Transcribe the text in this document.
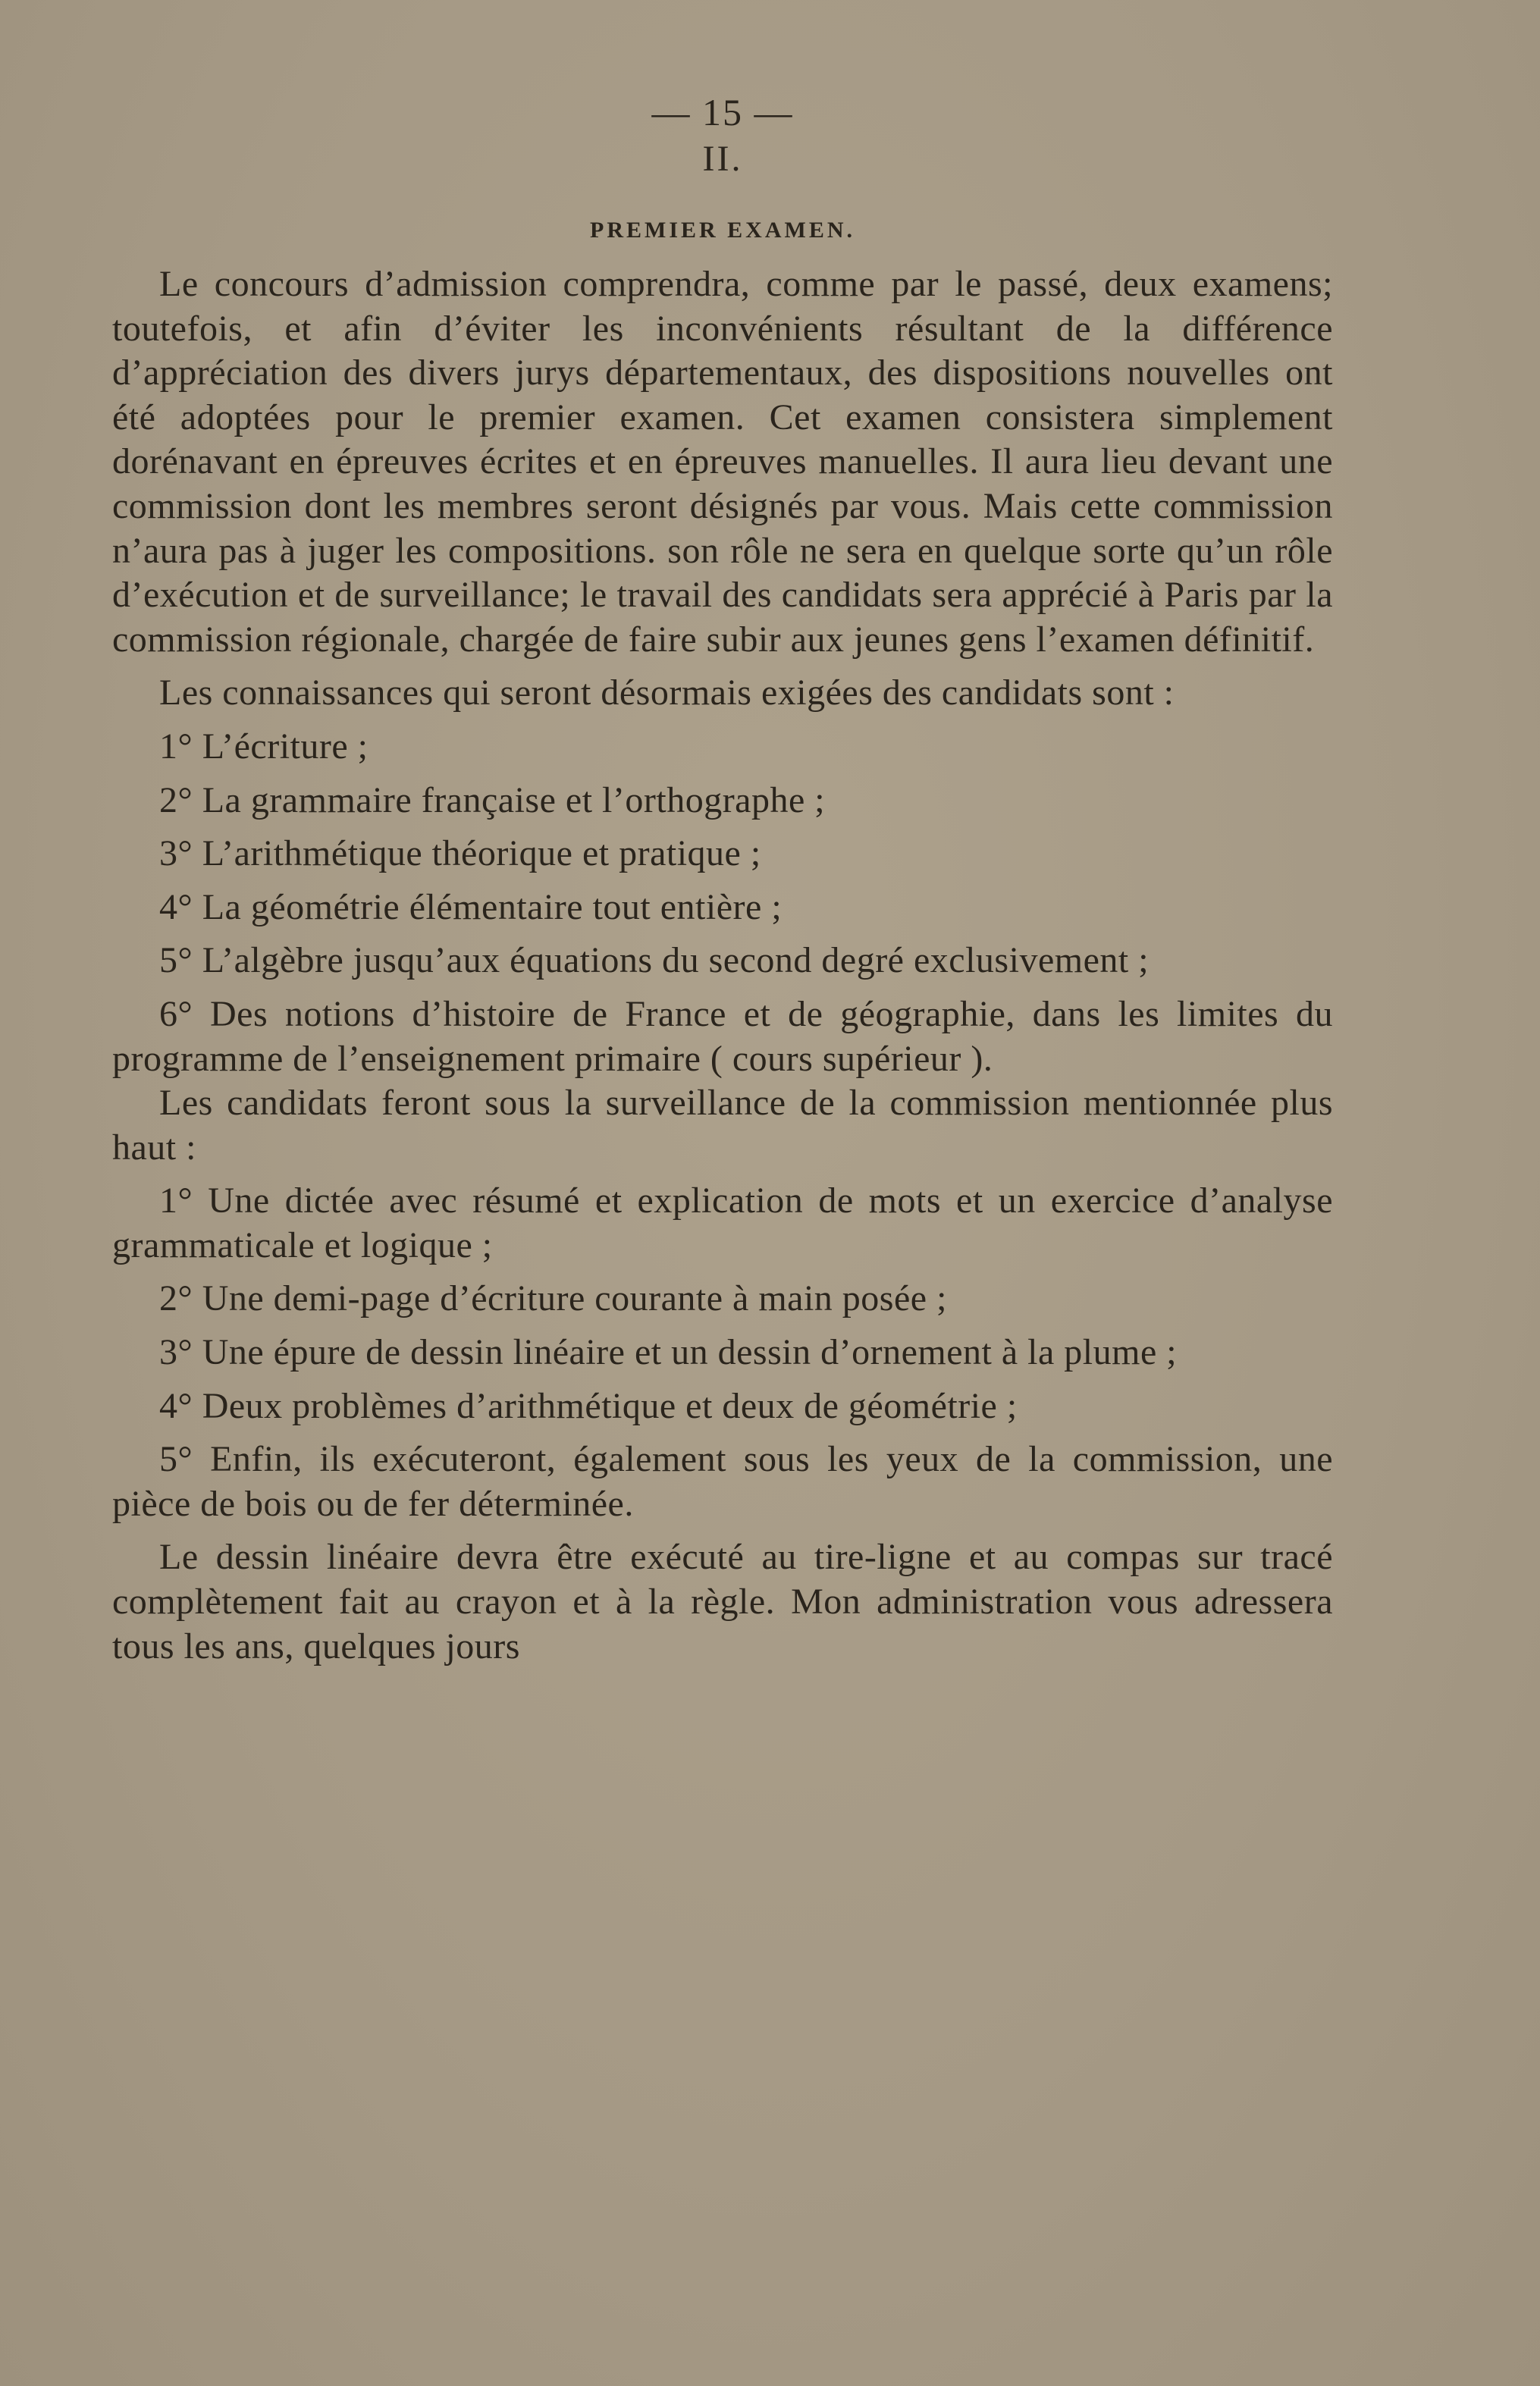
— 15 —
II.
PREMIER EXAMEN.

Le concours d’admission comprendra, comme par le passé, deux examens; toutefois, et afin d’éviter les inconvénients résultant de la différence d’appréciation des divers jurys départementaux, des dispositions nouvelles ont été adoptées pour le premier examen. Cet examen consistera simplement dorénavant en épreuves écrites et en épreuves manuelles. Il aura lieu devant une commission dont les membres seront désignés par vous. Mais cette commission n’aura pas à juger les compositions. son rôle ne sera en quelque sorte qu’un rôle d’exécution et de surveillance; le travail des candidats sera apprécié à Paris par la commission régionale, chargée de faire subir aux jeunes gens l’examen définitif.

Les connaissances qui seront désormais exigées des candidats sont :

1° L’écriture ;

2° La grammaire française et l’orthographe ;

3° L’arithmétique théorique et pratique ;

4° La géométrie élémentaire tout entière ;

5° L’algèbre jusqu’aux équations du second degré exclusivement ;

6° Des notions d’histoire de France et de géographie, dans les limites du programme de l’enseignement primaire ( cours supérieur ).

Les candidats feront sous la surveillance de la commission mentionnée plus haut :

1° Une dictée avec résumé et explication de mots et un exercice d’analyse grammaticale et logique ;

2° Une demi-page d’écriture courante à main posée ;

3° Une épure de dessin linéaire et un dessin d’ornement à la plume ;

4° Deux problèmes d’arithmétique et deux de géométrie ;

5° Enfin, ils exécuteront, également sous les yeux de la commission, une pièce de bois ou de fer déterminée.

Le dessin linéaire devra être exécuté au tire-ligne et au compas sur tracé complètement fait au crayon et à la règle. Mon administration vous adressera tous les ans, quelques jours
